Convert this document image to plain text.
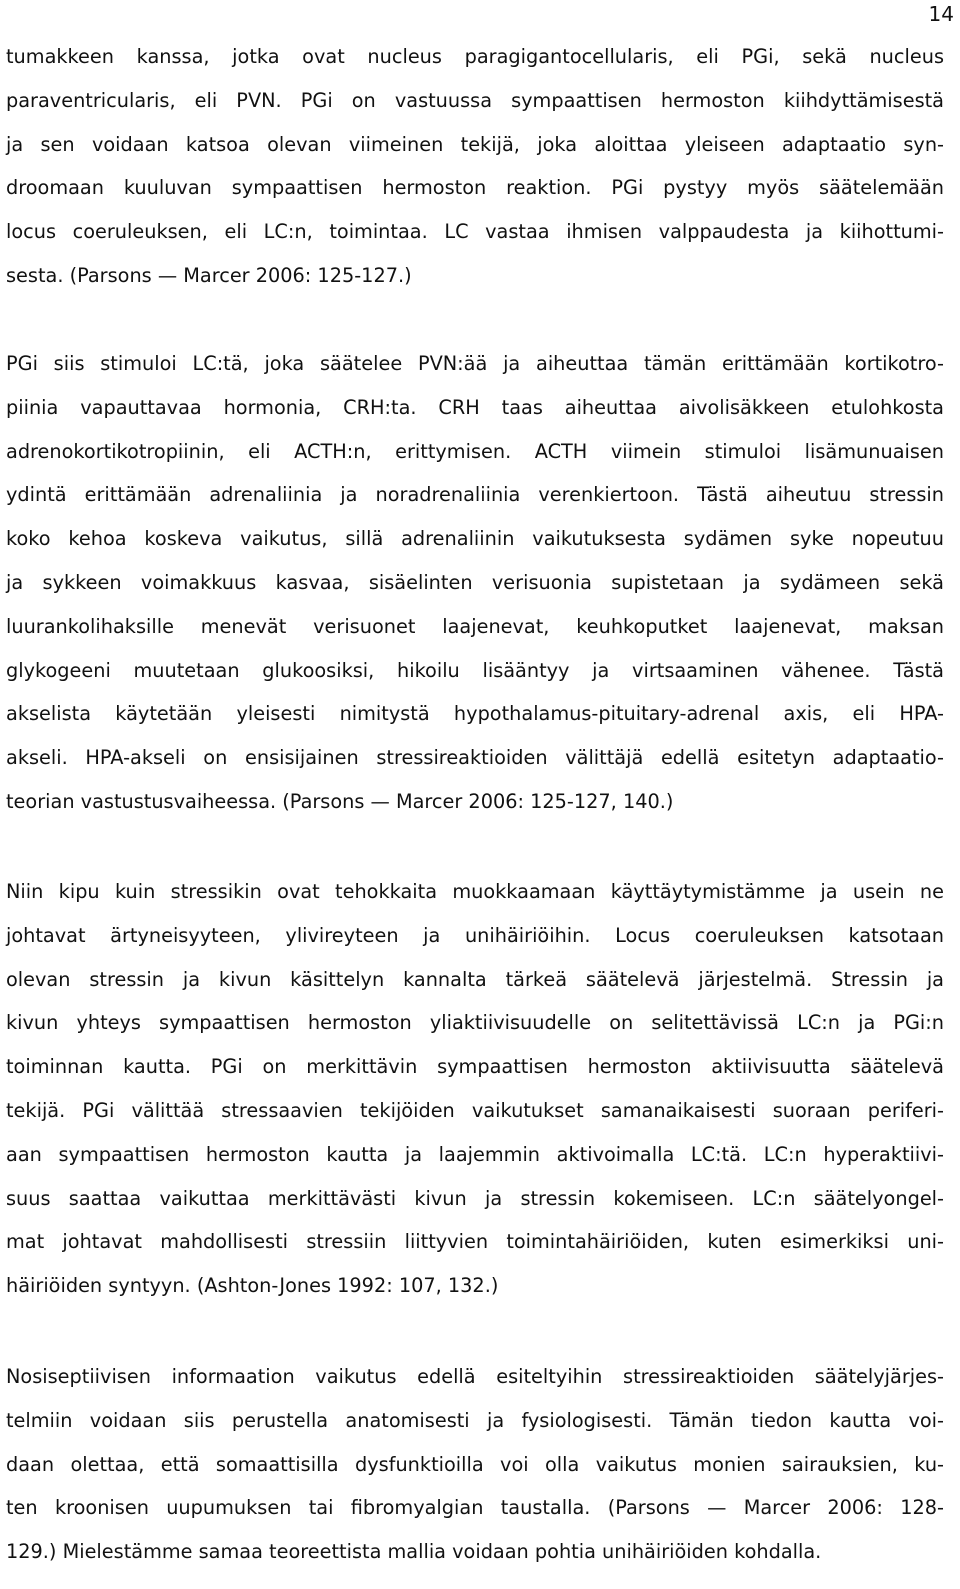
14
tumakkeen kanssa, jotka ovat nucleus paragigantocellularis, eli PGi, sekä nucleus
paraventricularis, eli PVN. PGi on vastuussa sympaattisen hermoston kiihdyttämisestä
ja sen voidaan katsoa olevan viimeinen tekijä, joka aloittaa yleiseen adaptaatio syn-
droomaan kuuluvan sympaattisen hermoston reaktion. PGi pystyy myös säätelemään
locus coeruleuksen, eli LC:n, toimintaa. LC vastaa ihmisen valppaudesta ja kiihottumi-
sesta. (Parsons — Marcer 2006: 125-127.)
PGi siis stimuloi LC:tä, joka säätelee PVN:ää ja aiheuttaa tämän erittämään kortikotro-
piinia vapauttavaa hormonia, CRH:ta. CRH taas aiheuttaa aivolisäkkeen etulohkosta
adrenokortikotropiinin, eli ACTH:n, erittymisen. ACTH viimein stimuloi lisämunuaisen
ydintä erittämään adrenaliinia ja noradrenaliinia verenkiertoon. Tästä aiheutuu stressin
koko kehoa koskeva vaikutus, sillä adrenaliinin vaikutuksesta sydämen syke nopeutuu
ja sykkeen voimakkuus kasvaa, sisäelinten verisuonia supistetaan ja sydämeen sekä
luurankolihaksille menevät verisuonet laajenevat, keuhkoputket laajenevat, maksan
glykogeeni muutetaan glukoosiksi, hikoilu lisääntyy ja virtsaaminen vähenee. Tästä
akselista käytetään yleisesti nimitystä hypothalamus-pituitary-adrenal axis, eli HPA-
akseli. HPA-akseli on ensisijainen stressireaktioiden välittäjä edellä esitetyn adaptaatio-
teorian vastustusvaiheessa. (Parsons — Marcer 2006: 125-127, 140.)
Niin kipu kuin stressikin ovat tehokkaita muokkaamaan käyttäytymistämme ja usein ne
johtavat ärtyneisyyteen, ylivireyteen ja unihäiriöihin. Locus coeruleuksen katsotaan
olevan stressin ja kivun käsittelyn kannalta tärkeä säätelevä järjestelmä. Stressin ja
kivun yhteys sympaattisen hermoston yliaktiivisuudelle on selitettävissä LC:n ja PGi:n
toiminnan kautta. PGi on merkittävin sympaattisen hermoston aktiivisuutta säätelevä
tekijä. PGi välittää stressaavien tekijöiden vaikutukset samanaikaisesti suoraan periferi-
aan sympaattisen hermoston kautta ja laajemmin aktivoimalla LC:tä. LC:n hyperaktiivi-
suus saattaa vaikuttaa merkittävästi kivun ja stressin kokemiseen. LC:n säätelyongel-
mat johtavat mahdollisesti stressiin liittyvien toimintahäiriöiden, kuten esimerkiksi uni-
häiriöiden syntyyn. (Ashton-Jones 1992: 107, 132.)
Nosiseptiivisen informaation vaikutus edellä esiteltyihin stressireaktioiden säätelyjärjes-
telmiin voidaan siis perustella anatomisesti ja fysiologisesti. Tämän tiedon kautta voi-
daan olettaa, että somaattisilla dysfunktioilla voi olla vaikutus monien sairauksien, ku-
ten kroonisen uupumuksen tai fibromyalgian taustalla. (Parsons — Marcer 2006: 128-
129.) Mielestämme samaa teoreettista mallia voidaan pohtia unihäiriöiden kohdalla.
